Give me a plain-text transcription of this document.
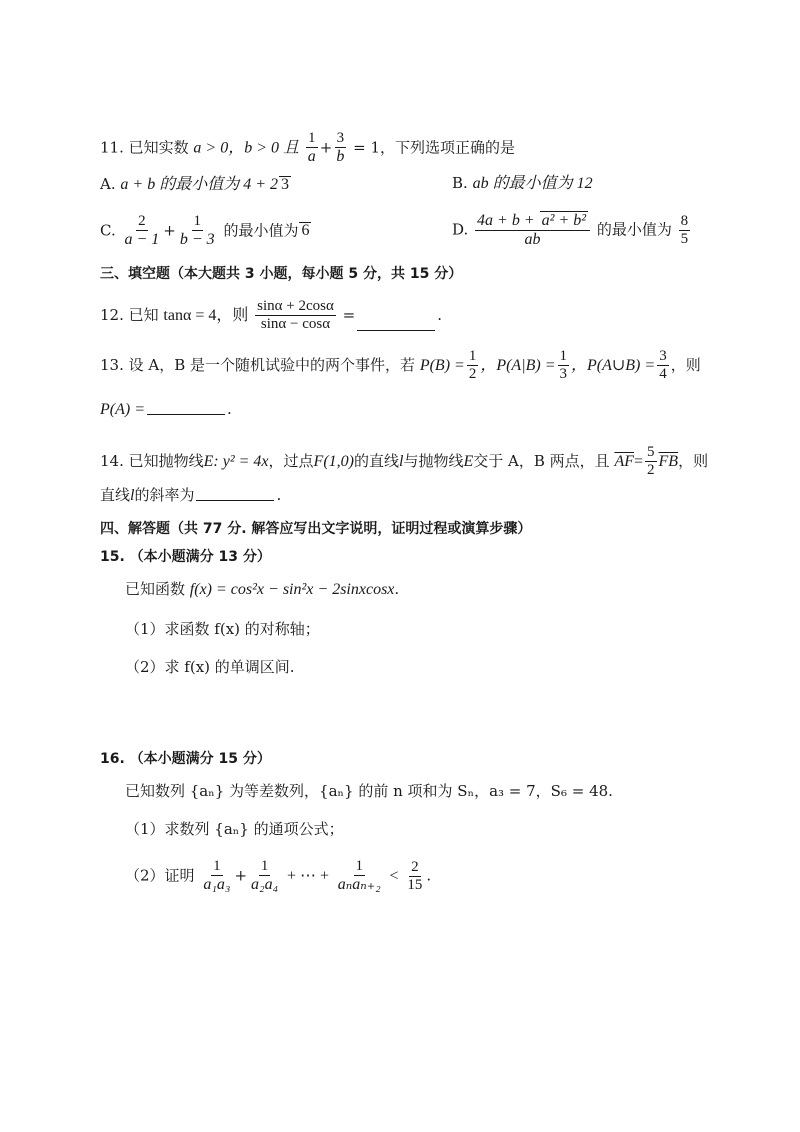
11. 已知实数 a > 0，b > 0 且 $\frac{1}{a} + \frac{3}{b} = 1$，下列选项正确的是
A. a + b 的最小值为 4 + 2 3	B. ab 的最小值为 12
C. $\frac{2}{a - 1} + \frac{1}{b - 3}$ 的最小值为 6	D. $\frac{\text{4a + b + a² + b²}}{ab}$ 的最小值为 $\frac{8}{5}$
三、填空题（本大题共 3 小题，每小题 5 分，共 15 分）
12. 已知 tanα = 4，则 $\frac{\sin\alpha + 2\cos\alpha}{\sin\alpha - \cos\alpha}$ =	.
13. 设 A，B 是一个随机试验中的两个事件，若 $P(B) = \frac{1}{2}$ ，$P(A|B) = \frac{1}{3}$ ，P(A∪B) = $\frac{3}{4}$ ，则
P(A) =	.
14. 已知抛物线E: y² = 4x，过点F(1,0)的直线l与抛物线E交于 A，B 两点，且 $\overline{AF}= \frac{5}{2} \overline{FB}$，则
直线l的斜率为	.
四、解答题（共 77 分. 解答应写出文字说明，证明过程或演算步骤）
15. （本小题满分 13 分）
已知函数 f(x) = cos²x − sin²x − 2sinxcosx.
（1）求函数 f(x) 的对称轴；
（2）求 f(x) 的单调区间.
16. （本小题满分 15 分）
已知数列 {aₙ} 为等差数列，{aₙ} 的前 n 项和为 Sₙ，a₃ = 7，S₆ = 48.
（1）求数列 {aₙ} 的通项公式；
（2）证明 $\frac{1}{\text{a₁a₃}} + \frac{1}{\text{a₂a₄}}$ + ⋯ + $\frac{1}{\text{aₙaₙ₊₂}} < \frac{2}{15}$ .
